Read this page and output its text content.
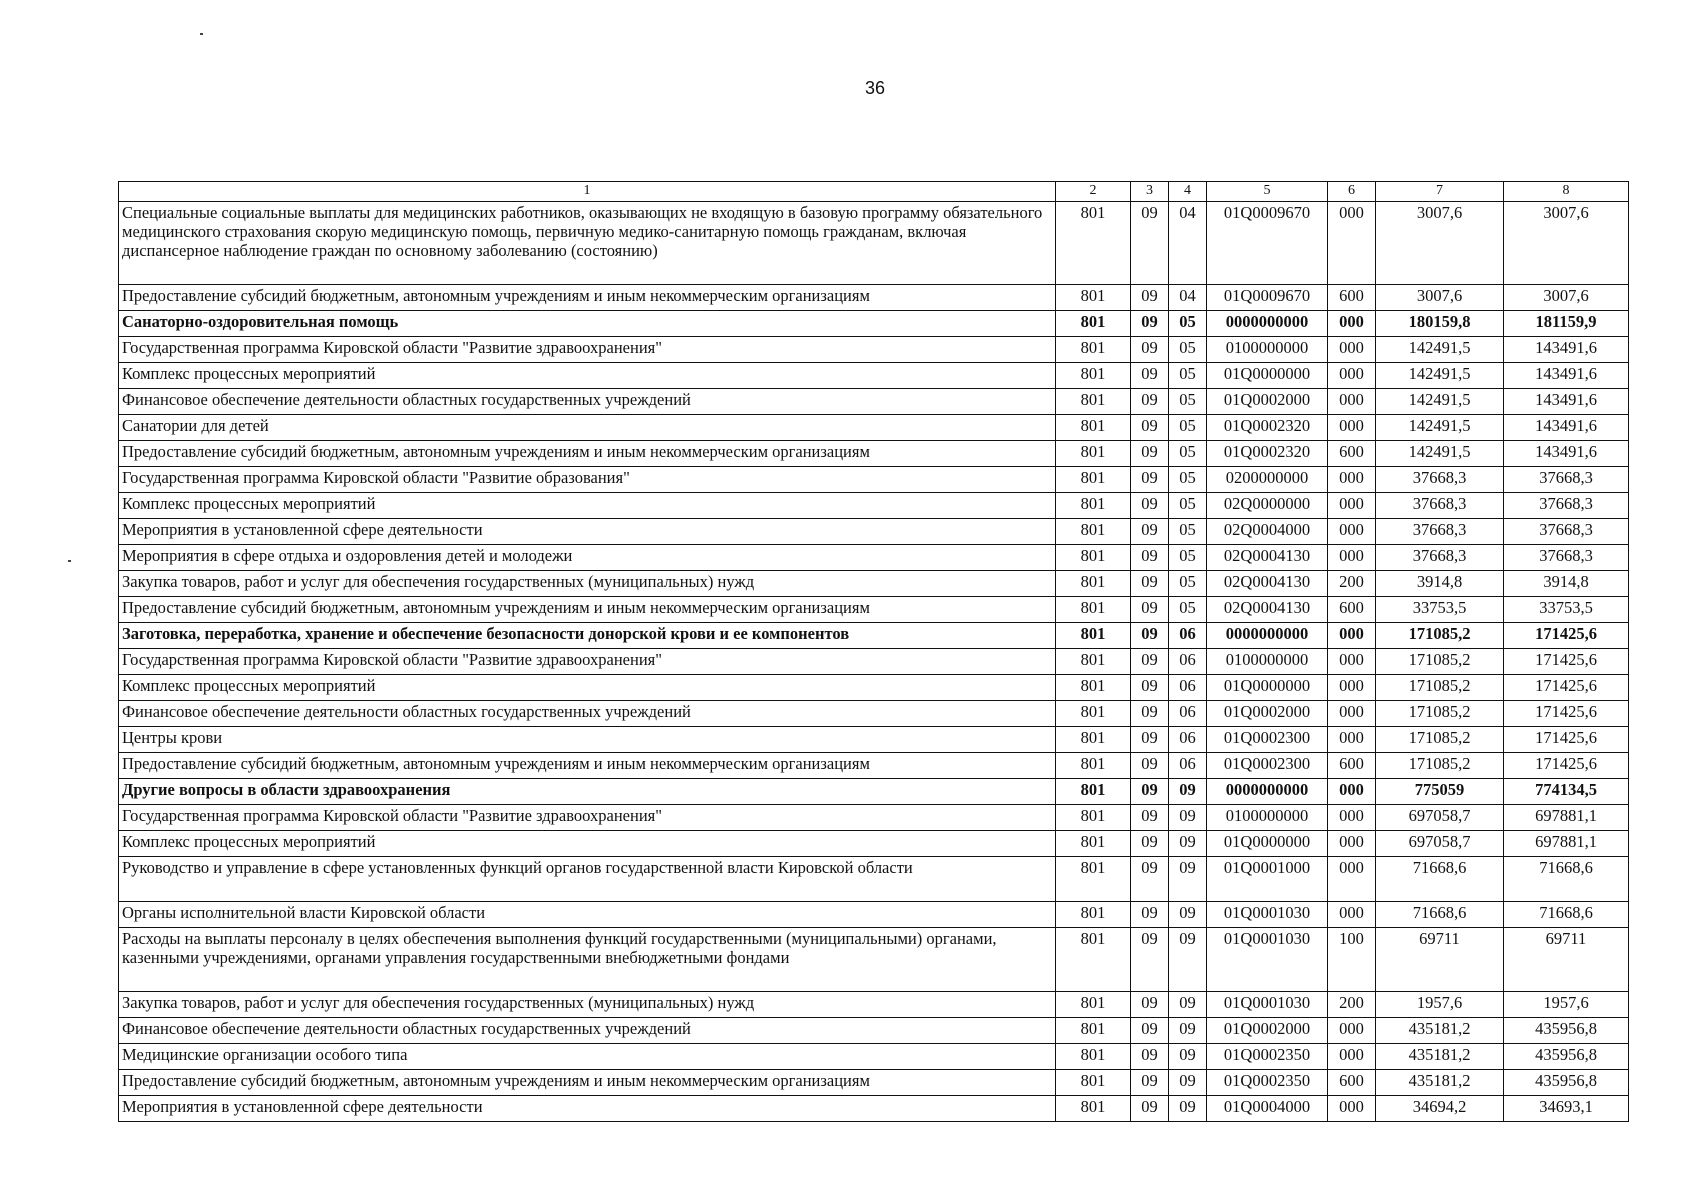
36
1	2	3	4	5	6	7	8
Специальные социальные выплаты для медицинских работников, оказывающих не входящую в базовую программу обязательного медицинского страхования скорую медицинскую помощь, первичную медико-санитарную помощь гражданам, включая диспансерное наблюдение граждан по основному заболеванию (состоянию)	801	09	04	01Q0009670	000	3007,6	3007,6
Предоставление субсидий бюджетным, автономным учреждениям и иным некоммерческим организациям	801	09	04	01Q0009670	600	3007,6	3007,6
Санаторно-оздоровительная помощь	801	09	05	0000000000	000	180159,8	181159,9
Государственная программа Кировской области "Развитие здравоохранения"	801	09	05	0100000000	000	142491,5	143491,6
Комплекс процессных мероприятий	801	09	05	01Q0000000	000	142491,5	143491,6
Финансовое обеспечение деятельности областных государственных учреждений	801	09	05	01Q0002000	000	142491,5	143491,6
Санатории для детей	801	09	05	01Q0002320	000	142491,5	143491,6
Предоставление субсидий бюджетным, автономным учреждениям и иным некоммерческим организациям	801	09	05	01Q0002320	600	142491,5	143491,6
Государственная программа Кировской области "Развитие образования"	801	09	05	0200000000	000	37668,3	37668,3
Комплекс процессных мероприятий	801	09	05	02Q0000000	000	37668,3	37668,3
Мероприятия в установленной сфере деятельности	801	09	05	02Q0004000	000	37668,3	37668,3
Мероприятия в сфере отдыха и оздоровления детей и молодежи	801	09	05	02Q0004130	000	37668,3	37668,3
Закупка товаров, работ и услуг для обеспечения государственных (муниципальных) нужд	801	09	05	02Q0004130	200	3914,8	3914,8
Предоставление субсидий бюджетным, автономным учреждениям и иным некоммерческим организациям	801	09	05	02Q0004130	600	33753,5	33753,5
Заготовка, переработка, хранение и обеспечение безопасности донорской крови и ее компонентов	801	09	06	0000000000	000	171085,2	171425,6
Государственная программа Кировской области "Развитие здравоохранения"	801	09	06	0100000000	000	171085,2	171425,6
Комплекс процессных мероприятий	801	09	06	01Q0000000	000	171085,2	171425,6
Финансовое обеспечение деятельности областных государственных учреждений	801	09	06	01Q0002000	000	171085,2	171425,6
Центры крови	801	09	06	01Q0002300	000	171085,2	171425,6
Предоставление субсидий бюджетным, автономным учреждениям и иным некоммерческим организациям	801	09	06	01Q0002300	600	171085,2	171425,6
Другие вопросы в области здравоохранения	801	09	09	0000000000	000	775059	774134,5
Государственная программа Кировской области "Развитие здравоохранения"	801	09	09	0100000000	000	697058,7	697881,1
Комплекс процессных мероприятий	801	09	09	01Q0000000	000	697058,7	697881,1
Руководство и управление в сфере установленных функций органов государственной власти Кировской области	801	09	09	01Q0001000	000	71668,6	71668,6
Органы исполнительной власти Кировской области	801	09	09	01Q0001030	000	71668,6	71668,6
Расходы на выплаты персоналу в целях обеспечения выполнения функций государственными (муниципальными) органами, казенными учреждениями, органами управления государственными внебюджетными фондами	801	09	09	01Q0001030	100	69711	69711
Закупка товаров, работ и услуг для обеспечения государственных (муниципальных) нужд	801	09	09	01Q0001030	200	1957,6	1957,6
Финансовое обеспечение деятельности областных государственных учреждений	801	09	09	01Q0002000	000	435181,2	435956,8
Медицинские организации особого типа	801	09	09	01Q0002350	000	435181,2	435956,8
Предоставление субсидий бюджетным, автономным учреждениям и иным некоммерческим организациям	801	09	09	01Q0002350	600	435181,2	435956,8
Мероприятия в установленной сфере деятельности	801	09	09	01Q0004000	000	34694,2	34693,1
